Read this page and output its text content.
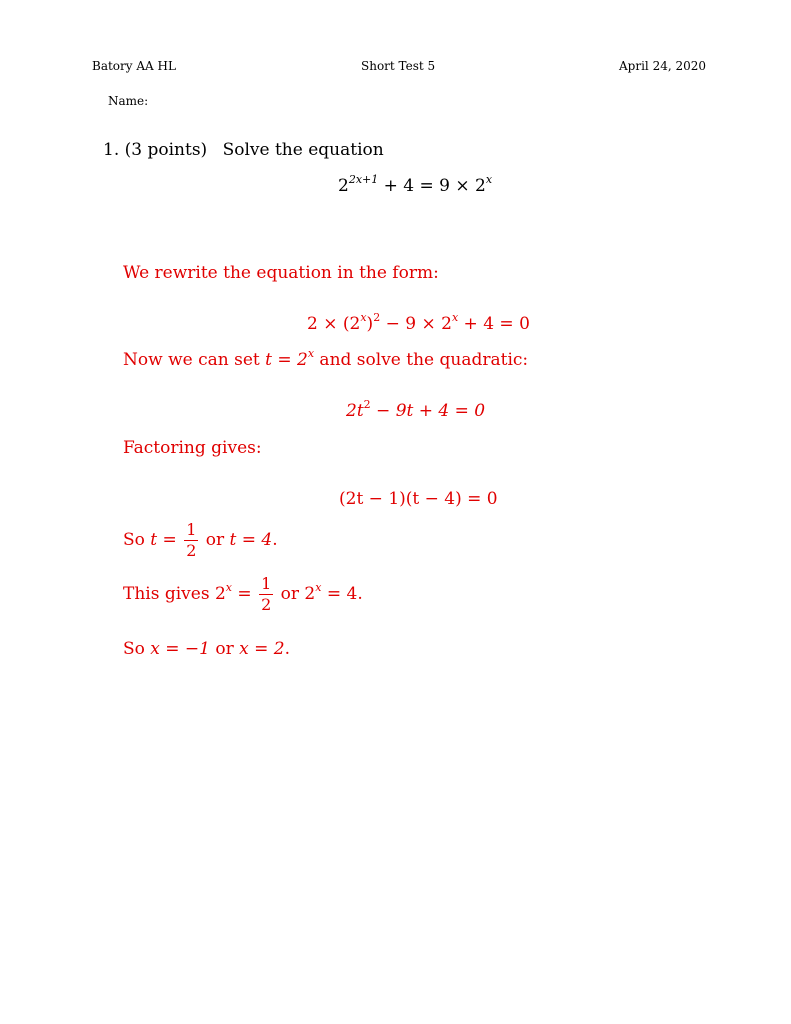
Batory AA HL	Short Test 5	April 24, 2020
Name:
1. (3 points) Solve the equation
$2^{2x+1} + 4 = 9 \times 2^x$
We rewrite the equation in the form:
$2 \times (2^x)^2 - 9 \times 2^x + 4 = 0$
Now we can set $t = 2^x$ and solve the quadratic:
$2t^2 - 9t + 4 = 0$
Factoring gives:
(2t − 1)(t − 4) = 0
So $t = \frac{1}{2}$ or t = 4.
This gives $2^x = \frac{1}{2}$ or $2^x = 4$.
So x = −1 or x = 2.
